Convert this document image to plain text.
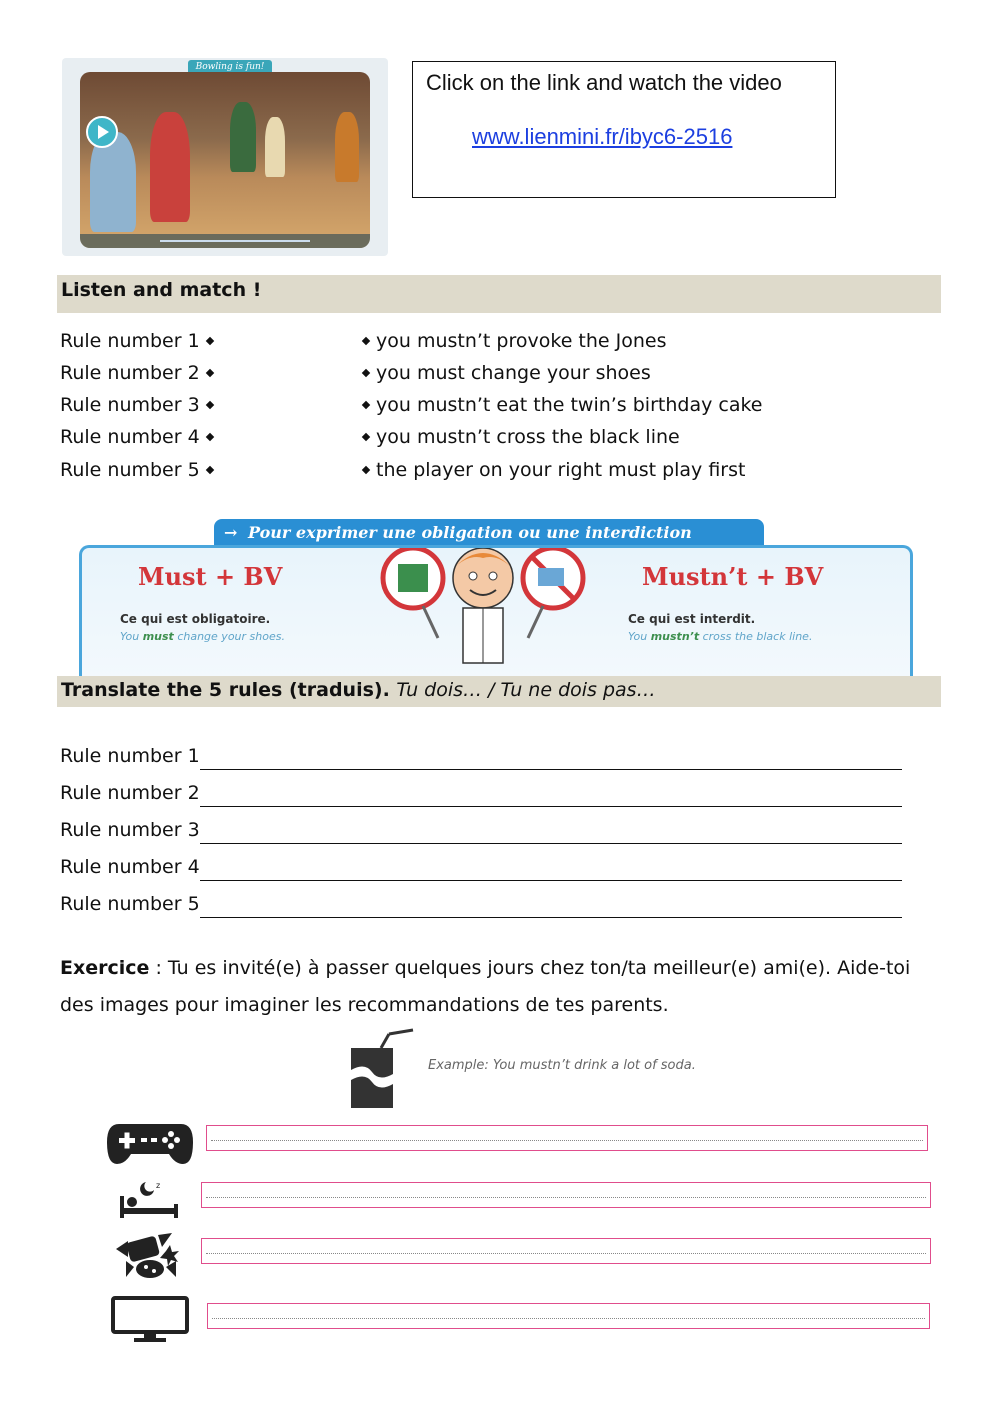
Bowling is fun!
Click on the link and watch the video
www.lienmini.fr/ibyc6-2516
Listen and match !
Rule number 1	you mustn’t provoke the Jones
Rule number 2	you must change your shoes
Rule number 3	you mustn’t eat the twin’s birthday cake
Rule number 4	you mustn’t cross the black line
Rule number 5	the player on your right must play first
→ Pour exprimer une obligation ou une interdiction
Must + BV
Ce qui est obligatoire.
You must change your shoes.
Mustn’t + BV
Ce qui est interdit.
You mustn’t cross the black line.
Translate the 5 rules (traduis). Tu dois… / Tu ne dois pas…
Rule number 1
Rule number 2
Rule number 3
Rule number 4
Rule number 5
Exercice : Tu es invité(e) à passer quelques jours chez ton/ta meilleur(e) ami(e). Aide-toi des images pour imaginer les recommandations de tes parents.
Example: You mustn’t drink a lot of soda.
z
